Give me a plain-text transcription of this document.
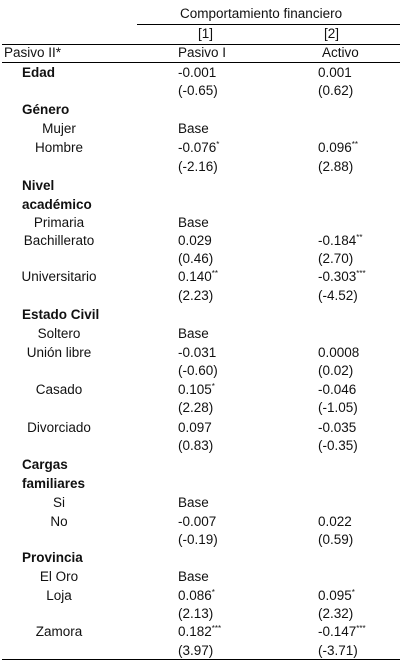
Comportamiento financiero
[1]	[2]
Pasivo II*	Pasivo I	Activo
Edad	-0.001	0.001
(-0.65)	(0.62)
Género
Mujer	Base
Hombre	-0.076*	0.096**
(-2.16)	(2.88)
Nivel
académico
Primaria	Base
Bachillerato	0.029	-0.184**
(0.46)	(2.70)
Universitario	0.140**	-0.303***
(2.23)	(-4.52)
Estado Civil
Soltero	Base
Unión libre	-0.031	0.0008
(-0.60)	(0.02)
Casado	0.105*	-0.046
(2.28)	(-1.05)
Divorciado	0.097	-0.035
(0.83)	(-0.35)
Cargas
familiares
Si	Base
No	-0.007	0.022
(-0.19)	(0.59)
Provincia
El Oro	Base
Loja	0.086*	0.095*
(2.13)	(2.32)
Zamora	0.182***	-0.147***
(3.97)	(-3.71)
